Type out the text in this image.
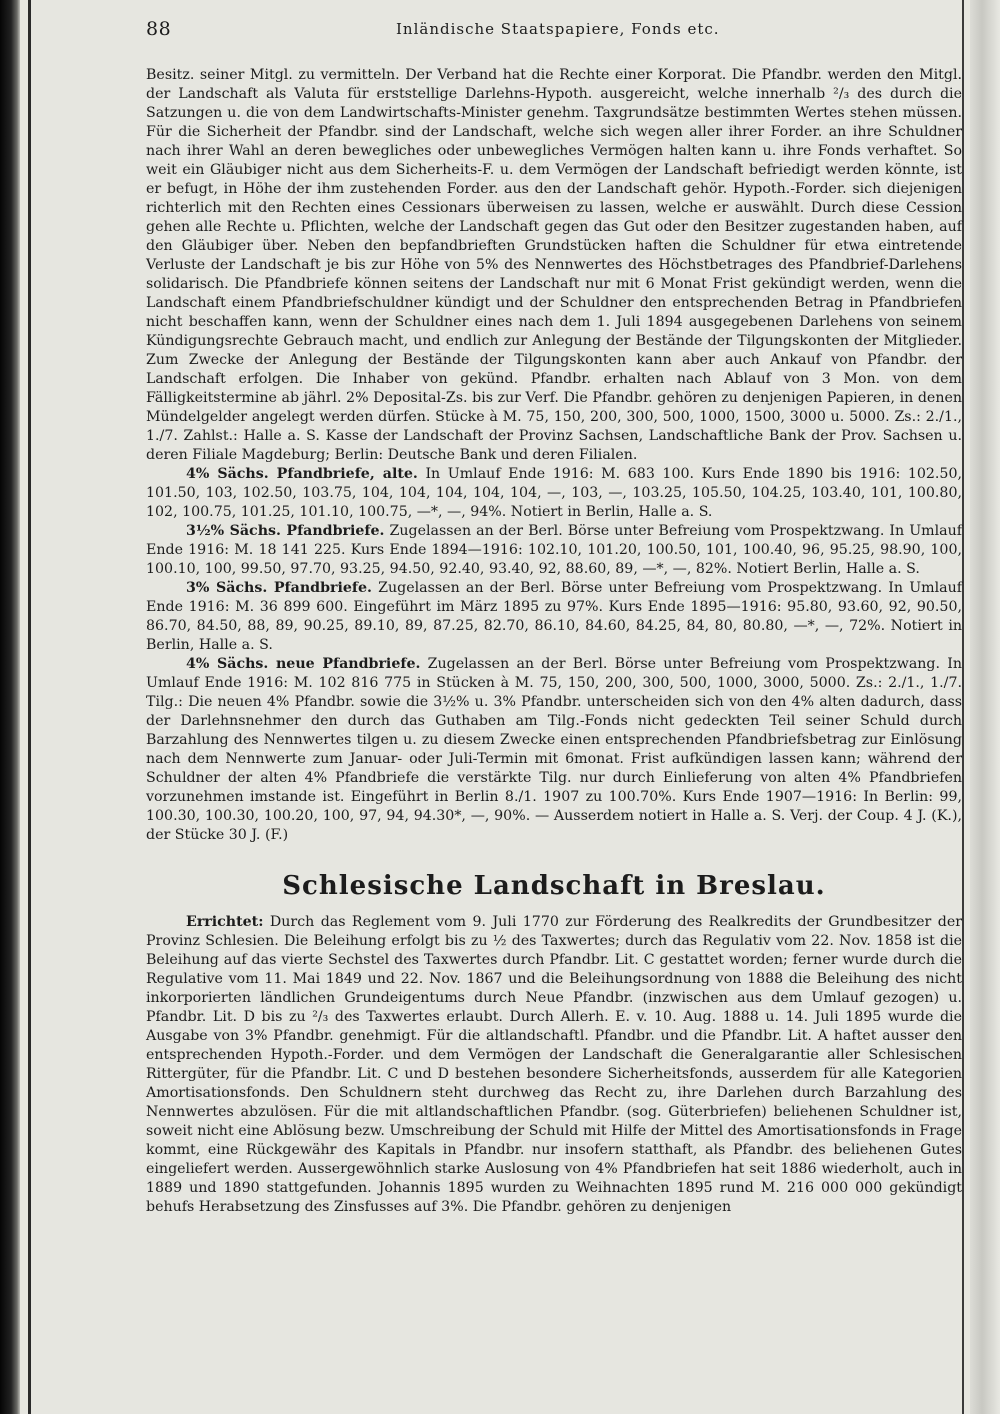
88	Inländische Staatspapiere, Fonds etc.

Besitz. seiner Mitgl. zu vermitteln. Der Verband hat die Rechte einer Korporat. Die Pfandbr. werden den Mitgl. der Landschaft als Valuta für erststellige Darlehns-Hypoth. ausgereicht, welche innerhalb ²/₃ des durch die Satzungen u. die von dem Landwirtschafts-Minister genehm. Taxgrundsätze bestimmten Wertes stehen müssen. Für die Sicherheit der Pfandbr. sind der Landschaft, welche sich wegen aller ihrer Forder. an ihre Schuldner nach ihrer Wahl an deren bewegliches oder unbewegliches Vermögen halten kann u. ihre Fonds verhaftet. So weit ein Gläubiger nicht aus dem Sicherheits-F. u. dem Vermögen der Landschaft befriedigt werden könnte, ist er befugt, in Höhe der ihm zustehenden Forder. aus den der Landschaft gehör. Hypoth.-Forder. sich diejenigen richterlich mit den Rechten eines Cessionars überweisen zu lassen, welche er auswählt. Durch diese Cession gehen alle Rechte u. Pflichten, welche der Landschaft gegen das Gut oder den Besitzer zugestanden haben, auf den Gläubiger über. Neben den bepfandbrieften Grundstücken haften die Schuldner für etwa eintretende Verluste der Landschaft je bis zur Höhe von 5% des Nennwertes des Höchstbetrages des Pfandbrief-Darlehens solidarisch. Die Pfandbriefe können seitens der Landschaft nur mit 6 Monat Frist gekündigt werden, wenn die Landschaft einem Pfandbriefschuldner kündigt und der Schuldner den entsprechenden Betrag in Pfandbriefen nicht beschaffen kann, wenn der Schuldner eines nach dem 1. Juli 1894 ausgegebenen Darlehens von seinem Kündigungsrechte Gebrauch macht, und endlich zur Anlegung der Bestände der Tilgungskonten der Mitglieder. Zum Zwecke der Anlegung der Bestände der Tilgungskonten kann aber auch Ankauf von Pfandbr. der Landschaft erfolgen. Die Inhaber von gekünd. Pfandbr. erhalten nach Ablauf von 3 Mon. von dem Fälligkeitstermine ab jährl. 2% Deposital-Zs. bis zur Verf. Die Pfandbr. gehören zu denjenigen Papieren, in denen Mündelgelder angelegt werden dürfen. Stücke à M. 75, 150, 200, 300, 500, 1000, 1500, 3000 u. 5000. Zs.: 2./1., 1./7. Zahlst.: Halle a. S. Kasse der Landschaft der Provinz Sachsen, Landschaftliche Bank der Prov. Sachsen u. deren Filiale Magdeburg; Berlin: Deutsche Bank und deren Filialen.

4% Sächs. Pfandbriefe, alte. In Umlauf Ende 1916: M. 683 100. Kurs Ende 1890 bis 1916: 102.50, 101.50, 103, 102.50, 103.75, 104, 104, 104, 104, 104, —, 103, —, 103.25, 105.50, 104.25, 103.40, 101, 100.80, 102, 100.75, 101.25, 101.10, 100.75, —*, —, 94%. Notiert in Berlin, Halle a. S.

3½% Sächs. Pfandbriefe. Zugelassen an der Berl. Börse unter Befreiung vom Prospektzwang. In Umlauf Ende 1916: M. 18 141 225. Kurs Ende 1894—1916: 102.10, 101.20, 100.50, 101, 100.40, 96, 95.25, 98.90, 100, 100.10, 100, 99.50, 97.70, 93.25, 94.50, 92.40, 93.40, 92, 88.60, 89, —*, —, 82%. Notiert Berlin, Halle a. S.

3% Sächs. Pfandbriefe. Zugelassen an der Berl. Börse unter Befreiung vom Prospektzwang. In Umlauf Ende 1916: M. 36 899 600. Eingeführt im März 1895 zu 97%. Kurs Ende 1895—1916: 95.80, 93.60, 92, 90.50, 86.70, 84.50, 88, 89, 90.25, 89.10, 89, 87.25, 82.70, 86.10, 84.60, 84.25, 84, 80, 80.80, —*, —, 72%. Notiert in Berlin, Halle a. S.

4% Sächs. neue Pfandbriefe. Zugelassen an der Berl. Börse unter Befreiung vom Prospektzwang. In Umlauf Ende 1916: M. 102 816 775 in Stücken à M. 75, 150, 200, 300, 500, 1000, 3000, 5000. Zs.: 2./1., 1./7. Tilg.: Die neuen 4% Pfandbr. sowie die 3½% u. 3% Pfandbr. unterscheiden sich von den 4% alten dadurch, dass der Darlehnsnehmer den durch das Guthaben am Tilg.-Fonds nicht gedeckten Teil seiner Schuld durch Barzahlung des Nennwertes tilgen u. zu diesem Zwecke einen entsprechenden Pfandbriefsbetrag zur Einlösung nach dem Nennwerte zum Januar- oder Juli-Termin mit 6monat. Frist aufkündigen lassen kann; während der Schuldner der alten 4% Pfandbriefe die verstärkte Tilg. nur durch Einlieferung von alten 4% Pfandbriefen vorzunehmen imstande ist. Eingeführt in Berlin 8./1. 1907 zu 100.70%. Kurs Ende 1907—1916: In Berlin: 99, 100.30, 100.30, 100.20, 100, 97, 94, 94.30*, —, 90%. — Ausserdem notiert in Halle a. S. Verj. der Coup. 4 J. (K.), der Stücke 30 J. (F.)

Schlesische Landschaft in Breslau.

Errichtet: Durch das Reglement vom 9. Juli 1770 zur Förderung des Realkredits der Grundbesitzer der Provinz Schlesien. Die Beleihung erfolgt bis zu ½ des Taxwertes; durch das Regulativ vom 22. Nov. 1858 ist die Beleihung auf das vierte Sechstel des Taxwertes durch Pfandbr. Lit. C gestattet worden; ferner wurde durch die Regulative vom 11. Mai 1849 und 22. Nov. 1867 und die Beleihungsordnung von 1888 die Beleihung des nicht inkorporierten ländlichen Grundeigentums durch Neue Pfandbr. (inzwischen aus dem Umlauf gezogen) u. Pfandbr. Lit. D bis zu ²/₃ des Taxwertes erlaubt. Durch Allerh. E. v. 10. Aug. 1888 u. 14. Juli 1895 wurde die Ausgabe von 3% Pfandbr. genehmigt. Für die altlandschaftl. Pfandbr. und die Pfandbr. Lit. A haftet ausser den entsprechenden Hypoth.-Forder. und dem Vermögen der Landschaft die Generalgarantie aller Schlesischen Rittergüter, für die Pfandbr. Lit. C und D bestehen besondere Sicherheitsfonds, ausserdem für alle Kategorien Amortisationsfonds. Den Schuldnern steht durchweg das Recht zu, ihre Darlehen durch Barzahlung des Nennwertes abzulösen. Für die mit altlandschaftlichen Pfandbr. (sog. Güterbriefen) beliehenen Schuldner ist, soweit nicht eine Ablösung bezw. Umschreibung der Schuld mit Hilfe der Mittel des Amortisationsfonds in Frage kommt, eine Rückgewähr des Kapitals in Pfandbr. nur insofern statthaft, als Pfandbr. des beliehenen Gutes eingeliefert werden. Aussergewöhnlich starke Auslosung von 4% Pfandbriefen hat seit 1886 wiederholt, auch in 1889 und 1890 stattgefunden. Johannis 1895 wurden zu Weihnachten 1895 rund M. 216 000 000 gekündigt behufs Herabsetzung des Zinsfusses auf 3%. Die Pfandbr. gehören zu denjenigen
